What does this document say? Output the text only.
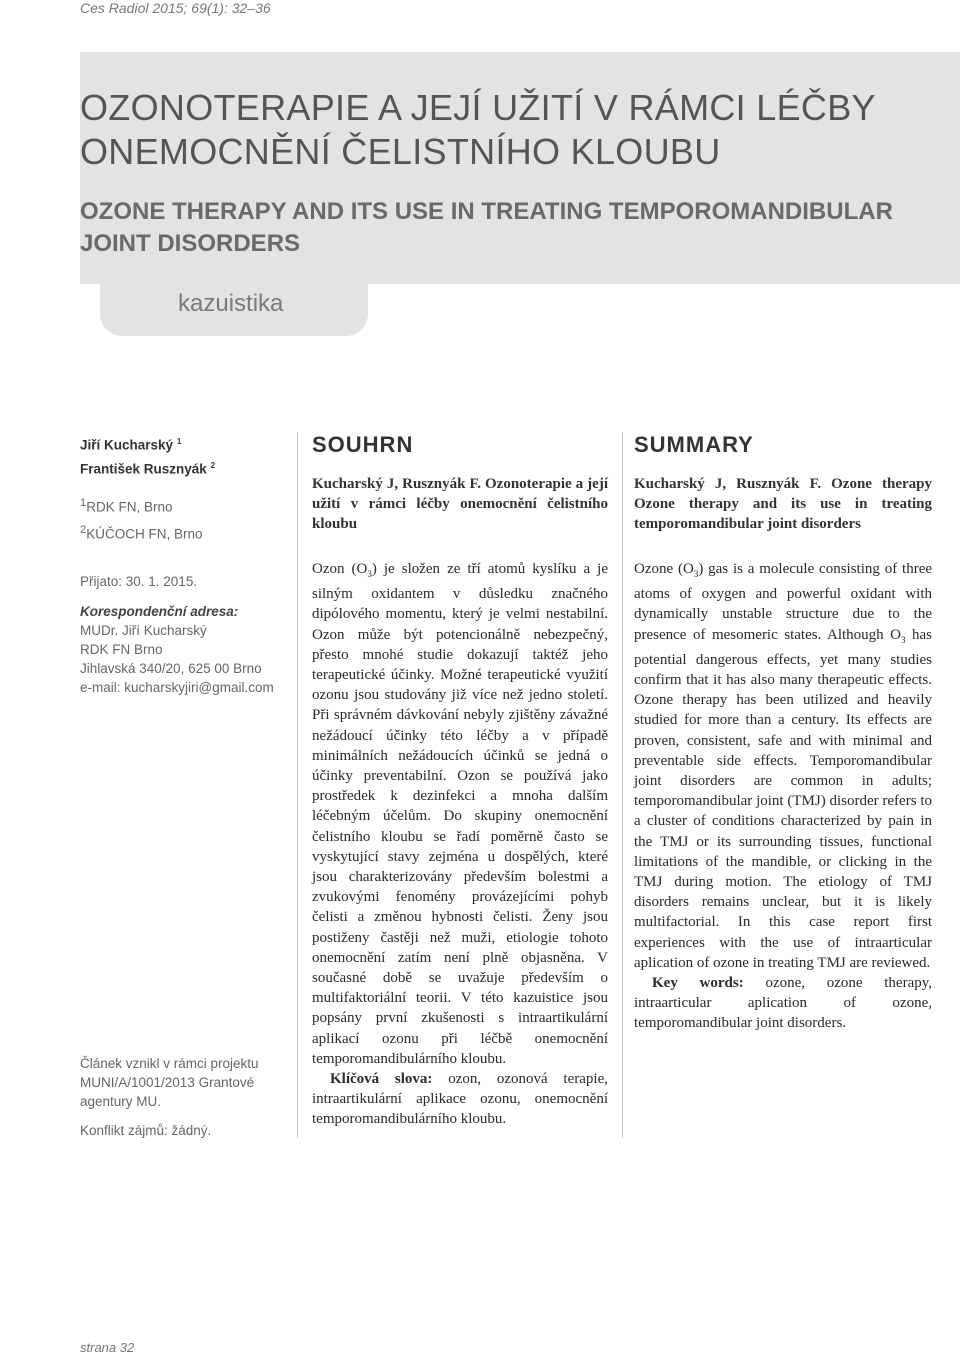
Ces Radiol 2015; 69(1): 32–36
OZONOTERAPIE A JEJÍ UŽITÍ V RÁMCI LÉČBY ONEMOCNĚNÍ ČELISTNÍHO KLOUBU
OZONE THERAPY AND ITS USE IN TREATING TEMPOROMANDIBULAR JOINT DISORDERS
kazuistika
Jiří Kucharský $^1$
František Rusznyák $^2$
$^1$RDK FN, Brno
$^2$KÚČOCH FN, Brno
Přijato: 30. 1. 2015.
Korespondenční adresa:
MUDr. Jiří Kucharský
RDK FN Brno
Jihlavská 340/20, 625 00 Brno
e-mail: kucharskyjiri@gmail.com
Článek vznikl v rámci projektu MUNI/A/1001/2013 Grantové agentury MU.
Konflikt zájmů: žádný.
SOUHRN
Kucharský J, Rusznyák F. Ozonoterapie a její užití v rámci léčby onemocnění čelistního kloubu

Ozon $(O_3)$ je složen ze tří atomů kyslíku a je silným oxidantem v důsledku značného dipólového momentu, který je velmi nestabilní. Ozon může být potencionálně nebezpečný, přesto mnohé studie dokazují taktéž jeho terapeutické účinky. Možné terapeutické využití ozonu jsou studovány již více než jedno století. Při správném dávkování nebyly zjištěny závažné nežádoucí účinky této léčby a v případě minimálních nežádoucích účinků se jedná o účinky preventabilní. Ozon se používá jako prostředek k dezinfekci a mnoha dalším léčebným účelům. Do skupiny onemocnění čelistního kloubu se řadí poměrně často se vyskytující stavy zejména u dospělých, které jsou charakterizovány především bolestmi a zvukovými fenomény provázejícími pohyb čelisti a změnou hybnosti čelisti. Ženy jsou postiženy častěji než muži, etiologie tohoto onemocnění zatím není plně objasněna. V současné době se uvažuje především o multifaktoriální teorii. V této kazuistice jsou popsány první zkušenosti s intraartikulární aplikací ozonu při léčbě onemocnění temporomandibulárního kloubu.

Klíčová slova: ozon, ozonová terapie, intraartikulární aplikace ozonu, onemocnění temporomandibulárního kloubu.

SUMMARY
Kucharský J, Rusznyák F. Ozone therapy Ozone therapy and its use in treating temporomandibular joint disorders

Ozone $(O_3)$ gas is a molecule consisting of three atoms of oxygen and powerful oxidant with dynamically unstable structure due to the presence of mesomeric states. Although $O_3$ has potential dangerous effects, yet many studies confirm that it has also many therapeutic effects. Ozone therapy has been utilized and heavily studied for more than a century. Its effects are proven, consistent, safe and with minimal and preventable side effects. Temporomandibular joint disorders are common in adults; temporomandibular joint (TMJ) disorder refers to a cluster of conditions characterized by pain in the TMJ or its surrounding tissues, functional limitations of the mandible, or clicking in the TMJ during motion. The etiology of TMJ disorders remains unclear, but it is likely multifactorial. In this case report first experiences with the use of intraarticular aplication of ozone in treating TMJ are reviewed.

Key words: ozone, ozone therapy, intraarticular aplication of ozone, temporomandibular joint disorders.

strana 32
